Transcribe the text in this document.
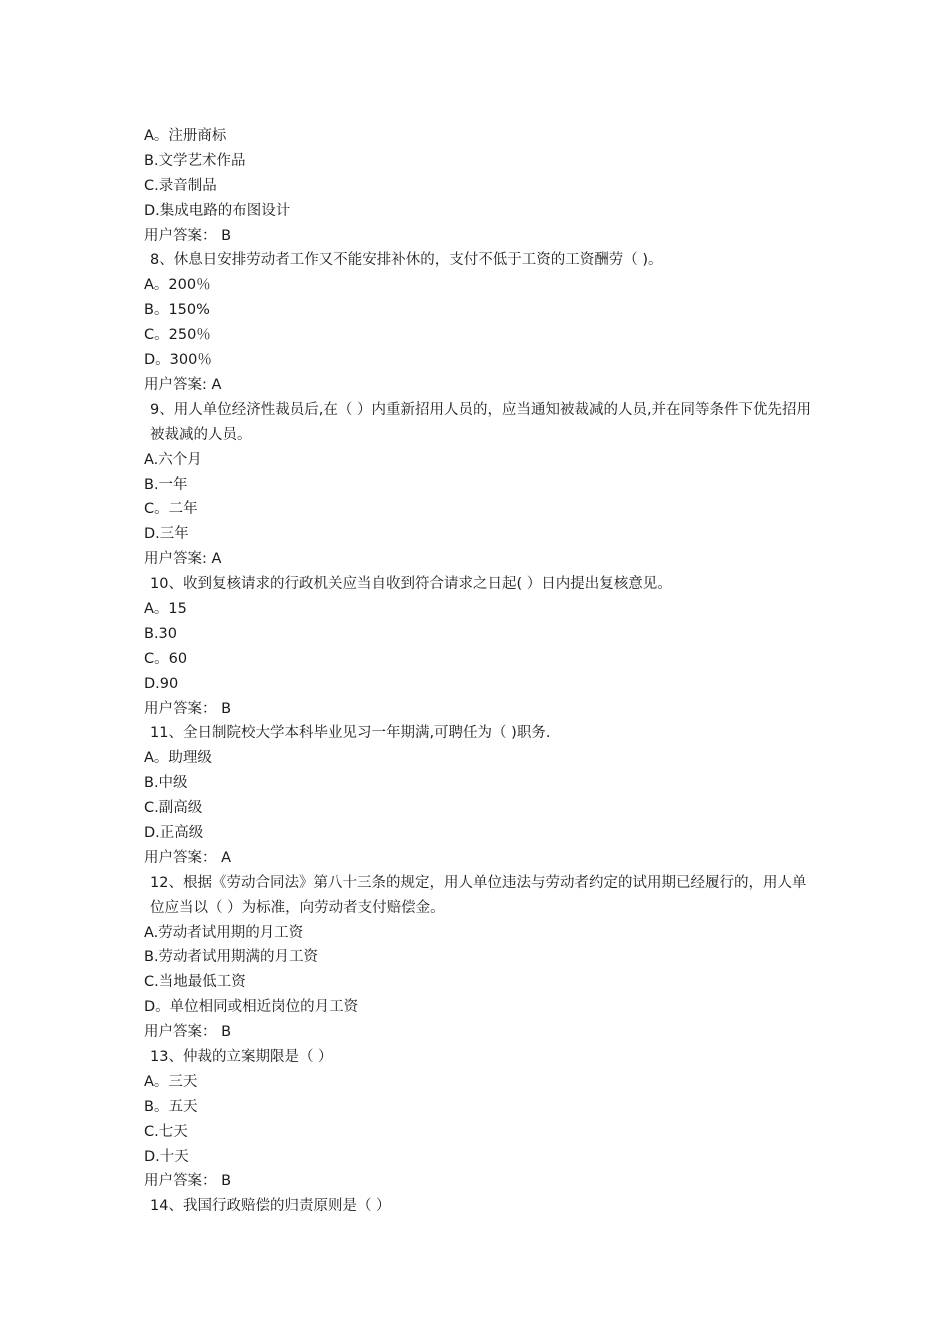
A。注册商标
B.文学艺术作品
C.录音制品
D.集成电路的布图设计
用户答案： B
8、休息日安排劳动者工作又不能安排补休的，支付不低于工资的工资酬劳（ )。
A。200％
B。150%
C。250％
D。300％
用户答案: A
9、用人单位经济性裁员后,在（ ）内重新招用人员的，应当通知被裁减的人员,并在同等条件下优先招用被裁减的人员。
A.六个月
B.一年
C。二年
D.三年
用户答案: A
10、收到复核请求的行政机关应当自收到符合请求之日起( ）日内提出复核意见。
A。15
B.30
C。60
D.90
用户答案： B
11、全日制院校大学本科毕业见习一年期满,可聘任为（ )职务.
A。助理级
B.中级
C.副高级
D.正高级
用户答案： A
12、根据《劳动合同法》第八十三条的规定，用人单位违法与劳动者约定的试用期已经履行的，用人单位应当以（ ）为标准，向劳动者支付赔偿金。
A.劳动者试用期的月工资
B.劳动者试用期满的月工资
C.当地最低工资
D。单位相同或相近岗位的月工资
用户答案： B
13、仲裁的立案期限是（ ）
A。三天
B。五天
C.七天
D.十天
用户答案： B
14、我国行政赔偿的归责原则是（ ）
